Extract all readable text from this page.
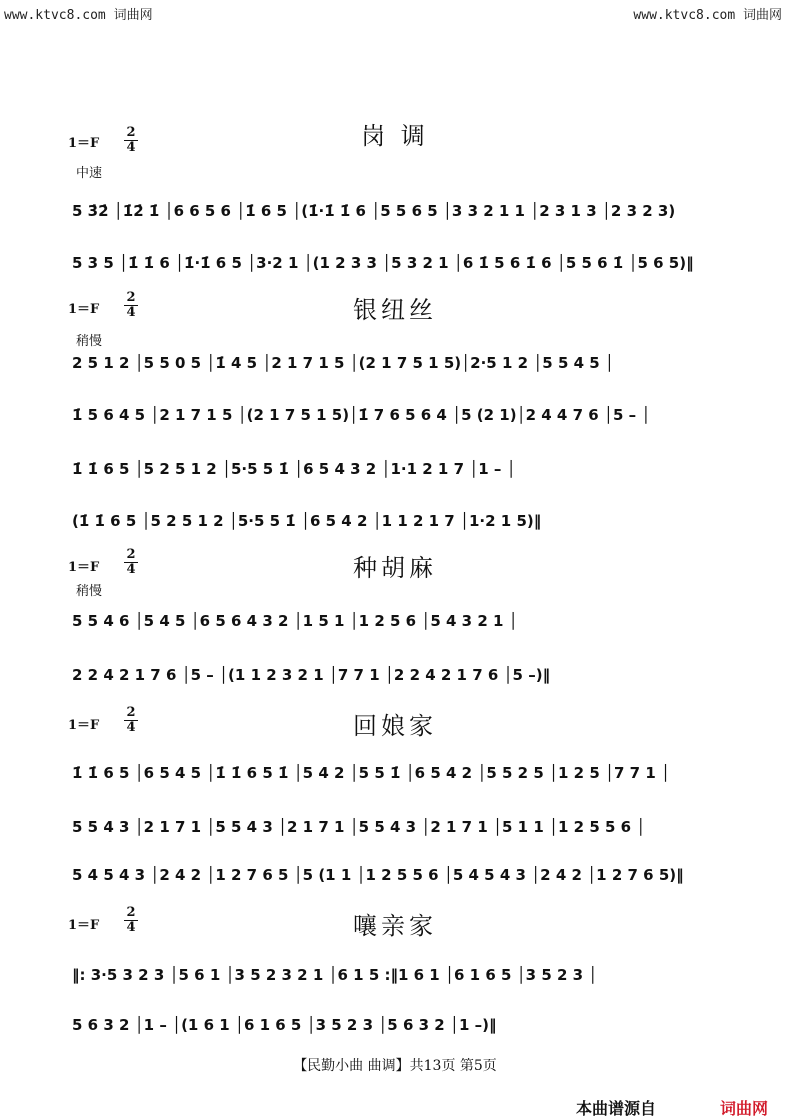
www.ktvc8.com 词曲网	www.ktvc8.com 词曲网
$1=F \frac{2}{4}$	岗 调
中速
5 3̇2̇ │1̇2̇ 1̇ │6 6 5 6 │1̇ 6 5 │(1̇·1̇ 1̇ 6 │5 5 6 5 │3 3 2 1 1 │2 3 1 3 │2 3 2 3)
5 3 5 │1̇ 1̇ 6 │1̇·1̇ 6 5 │3·2 1 │(1 2 3 3 │5 3 2 1 │6 1̇ 5 6 1̇ 6 │5 5 6 1̇ │5 6 5)‖
$1=F \frac{2}{4}$	银纽丝
稍慢
2 5 1 2 │5 5 0 5 │1̇ 4 5 │2 1 7 1 5 │(2 1 7 5 1 5)│2·5 1 2 │5 5 4 5 │
1̇ 5 6 4 5 │2 1 7 1 5 │(2 1 7 5 1 5)│1̇ 7 6 5 6 4 │5 (2 1)│2 4 4 7 6 │5 – │
1̇ 1̇ 6 5 │5 2 5 1 2 │5·5 5 1̇ │6 5 4 3 2 │1·1 2 1 7 │1 – │
(1̇ 1̇ 6 5 │5 2 5 1 2 │5·5 5 1̇ │6 5 4 2 │1 1 2 1 7 │1·2 1 5)‖
$1=F \frac{2}{4}$	种胡麻
稍慢
5 5 4 6 │5 4 5 │6 5 6 4 3 2 │1 5 1 │1 2 5 6 │5 4 3 2 1 │
2 2 4 2 1 7 6 │5 – │(1 1 2 3 2 1 │7 7 1 │2 2 4 2 1 7 6 │5 –)‖
$1=F \frac{2}{4}$	回娘家
1̇ 1̇ 6 5 │6 5 4 5 │1̇ 1̇ 6 5 1̇ │5 4 2 │5 5 1̇ │6 5 4 2 │5 5 2 5 │1 2 5 │7 7 1 │
5 5 4 3 │2 1 7 1 │5 5 4 3 │2 1 7 1 │5 5 4 3 │2 1 7 1 │5 1 1 │1 2 5 5 6 │
5 4 5 4 3 │2 4 2 │1 2 7 6 5 │5 (1 1 │1 2 5 5 6 │5 4 5 4 3 │2 4 2 │1 2 7 6 5)‖
$1=F \frac{2}{4}$	嚷亲家
‖: 3·5 3 2 3 │5 6 1 │3 5 2 3 2 1 │6 1 5 :‖1 6 1 │6 1 6 5 │3 5 2 3 │
5 6 3 2 │1 – │(1 6 1 │6 1 6 5 │3 5 2 3 │5 6 3 2 │1 –)‖
【民勤小曲 曲调】共13页 第5页
本曲谱源自	词曲网
